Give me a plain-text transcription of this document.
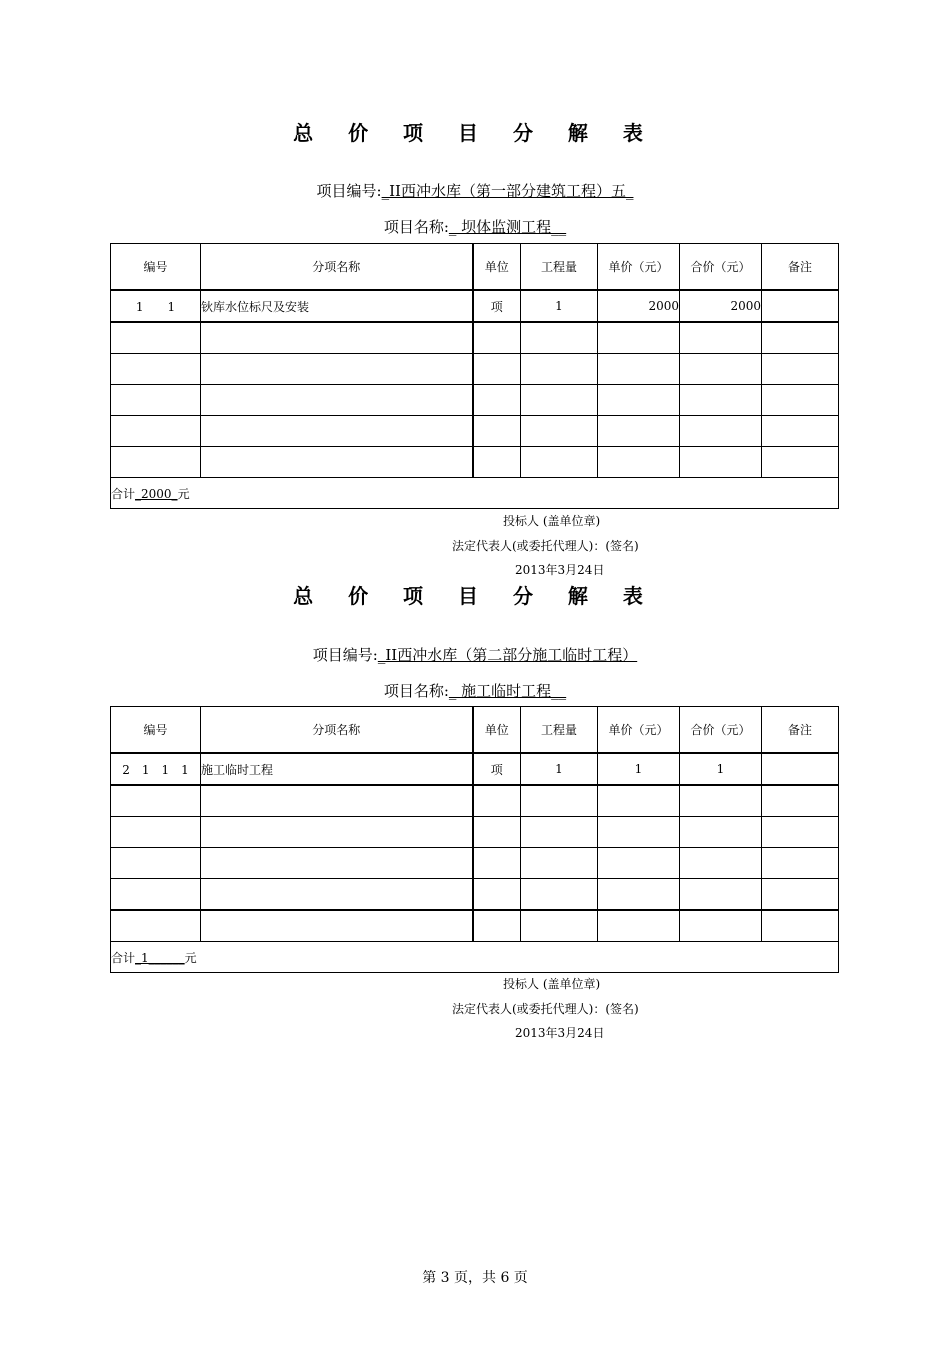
总 价 项 目 分 解 表
项目编号:_II西冲水库（第一部分建筑工程）五_
项目名称:_ 坝体监测工程__
编号	分项名称	单位	工程量	单价（元）	合价（元）	备注
1　　1	钬库水位标尺及安装	项	1	2000	2000	

合计_2000_元						
投标人 (盖单位章)
法定代表人(或委托代理人)：(签名)
2013年3月24日
总 价 项 目 分 解 表
项目编号:_II西冲水库（第二部分施工临时工程）
项目名称:_ 施工临时工程__
编号	分项名称	单位	工程量	单价（元）	合价（元）	备注
2　1　1　1	施工临时工程	项	1	1	1	

合计_1______元						
投标人 (盖单位章)
法定代表人(或委托代理人)：(签名)
2013年3月24日
第 3 页，共 6 页
